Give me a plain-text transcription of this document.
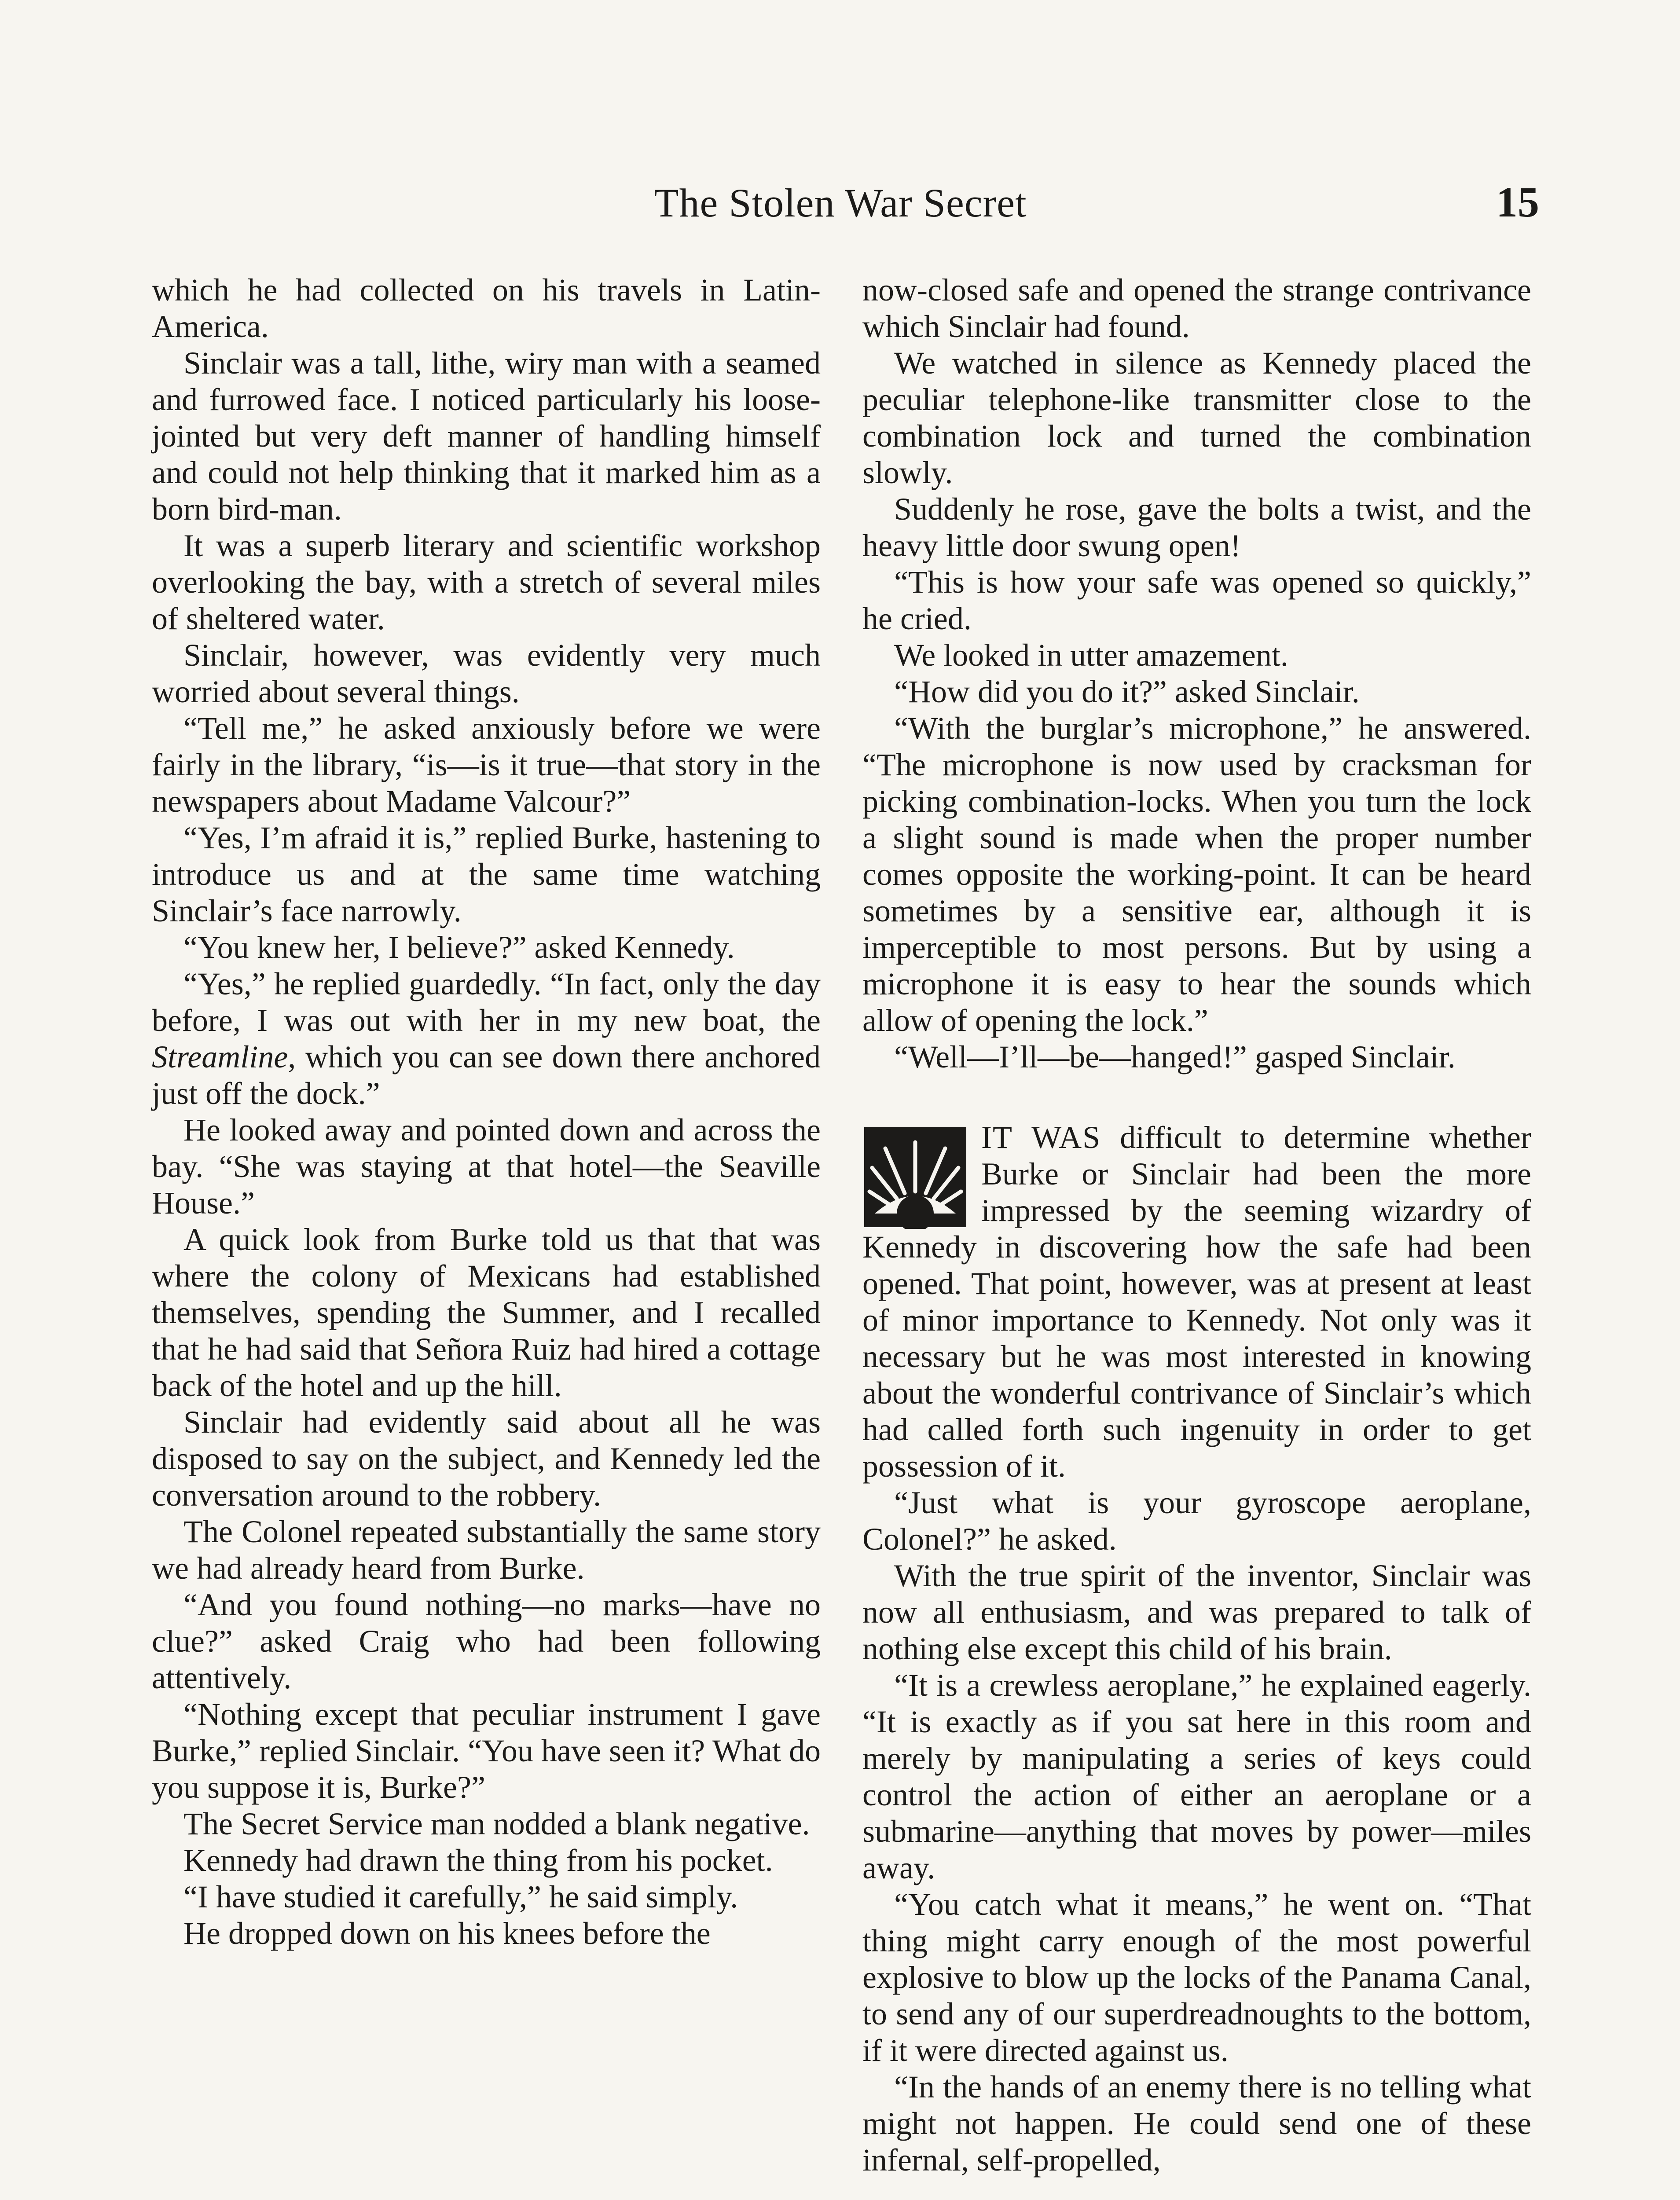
The Stolen War Secret	15

which he had collected on his travels in Latin-America.

Sinclair was a tall, lithe, wiry man with a seamed and furrowed face. I noticed particularly his loose-jointed but very deft manner of handling himself and could not help thinking that it marked him as a born bird-man.

It was a superb literary and scientific workshop overlooking the bay, with a stretch of several miles of sheltered water.

Sinclair, however, was evidently very much worried about several things.

“Tell me,” he asked anxiously before we were fairly in the library, “is—is it true—that story in the newspapers about Madame Valcour?”

“Yes, I’m afraid it is,” replied Burke, hastening to introduce us and at the same time watching Sinclair’s face narrowly.

“You knew her, I believe?” asked Kennedy.

“Yes,” he replied guardedly. “In fact, only the day before, I was out with her in my new boat, the Streamline, which you can see down there anchored just off the dock.”

He looked away and pointed down and across the bay. “She was staying at that hotel—the Seaville House.”

A quick look from Burke told us that that was where the colony of Mexicans had established themselves, spending the Summer, and I recalled that he had said that Señora Ruiz had hired a cottage back of the hotel and up the hill.

Sinclair had evidently said about all he was disposed to say on the subject, and Kennedy led the conversation around to the robbery.

The Colonel repeated substantially the same story we had already heard from Burke.

“And you found nothing—no marks—have no clue?” asked Craig who had been following attentively.

“Nothing except that peculiar instrument I gave Burke,” replied Sinclair. “You have seen it? What do you suppose it is, Burke?”

The Secret Service man nodded a blank negative.

Kennedy had drawn the thing from his pocket.

“I have studied it carefully,” he said simply.

He dropped down on his knees before the

now-closed safe and opened the strange contrivance which Sinclair had found.

We watched in silence as Kennedy placed the peculiar telephone-like transmitter close to the combination lock and turned the combination slowly.

Suddenly he rose, gave the bolts a twist, and the heavy little door swung open!

“This is how your safe was opened so quickly,” he cried.

We looked in utter amazement.

“How did you do it?” asked Sinclair.

“With the burglar’s microphone,” he answered. “The microphone is now used by cracksman for picking combination-locks. When you turn the lock a slight sound is made when the proper number comes opposite the working-point. It can be heard sometimes by a sensitive ear, although it is imperceptible to most persons. But by using a microphone it is easy to hear the sounds which allow of opening the lock.”

“Well—I’ll—be—hanged!” gasped Sinclair.

IT WAS difficult to determine whether Burke or Sinclair had been the more impressed by the seeming wizardry of Kennedy in discovering how the safe had been opened. That point, however, was at present at least of minor importance to Kennedy. Not only was it necessary but he was most interested in knowing about the wonderful contrivance of Sinclair’s which had called forth such ingenuity in order to get possession of it.

“Just what is your gyroscope aeroplane, Colonel?” he asked.

With the true spirit of the inventor, Sinclair was now all enthusiasm, and was prepared to talk of nothing else except this child of his brain.

“It is a crewless aeroplane,” he explained eagerly. “It is exactly as if you sat here in this room and merely by manipulating a series of keys could control the action of either an aeroplane or a submarine—anything that moves by power—miles away.

“You catch what it means,” he went on. “That thing might carry enough of the most powerful explosive to blow up the locks of the Panama Canal, to send any of our superdreadnoughts to the bottom, if it were directed against us.

“In the hands of an enemy there is no telling what might not happen. He could send one of these infernal, self-propelled,
